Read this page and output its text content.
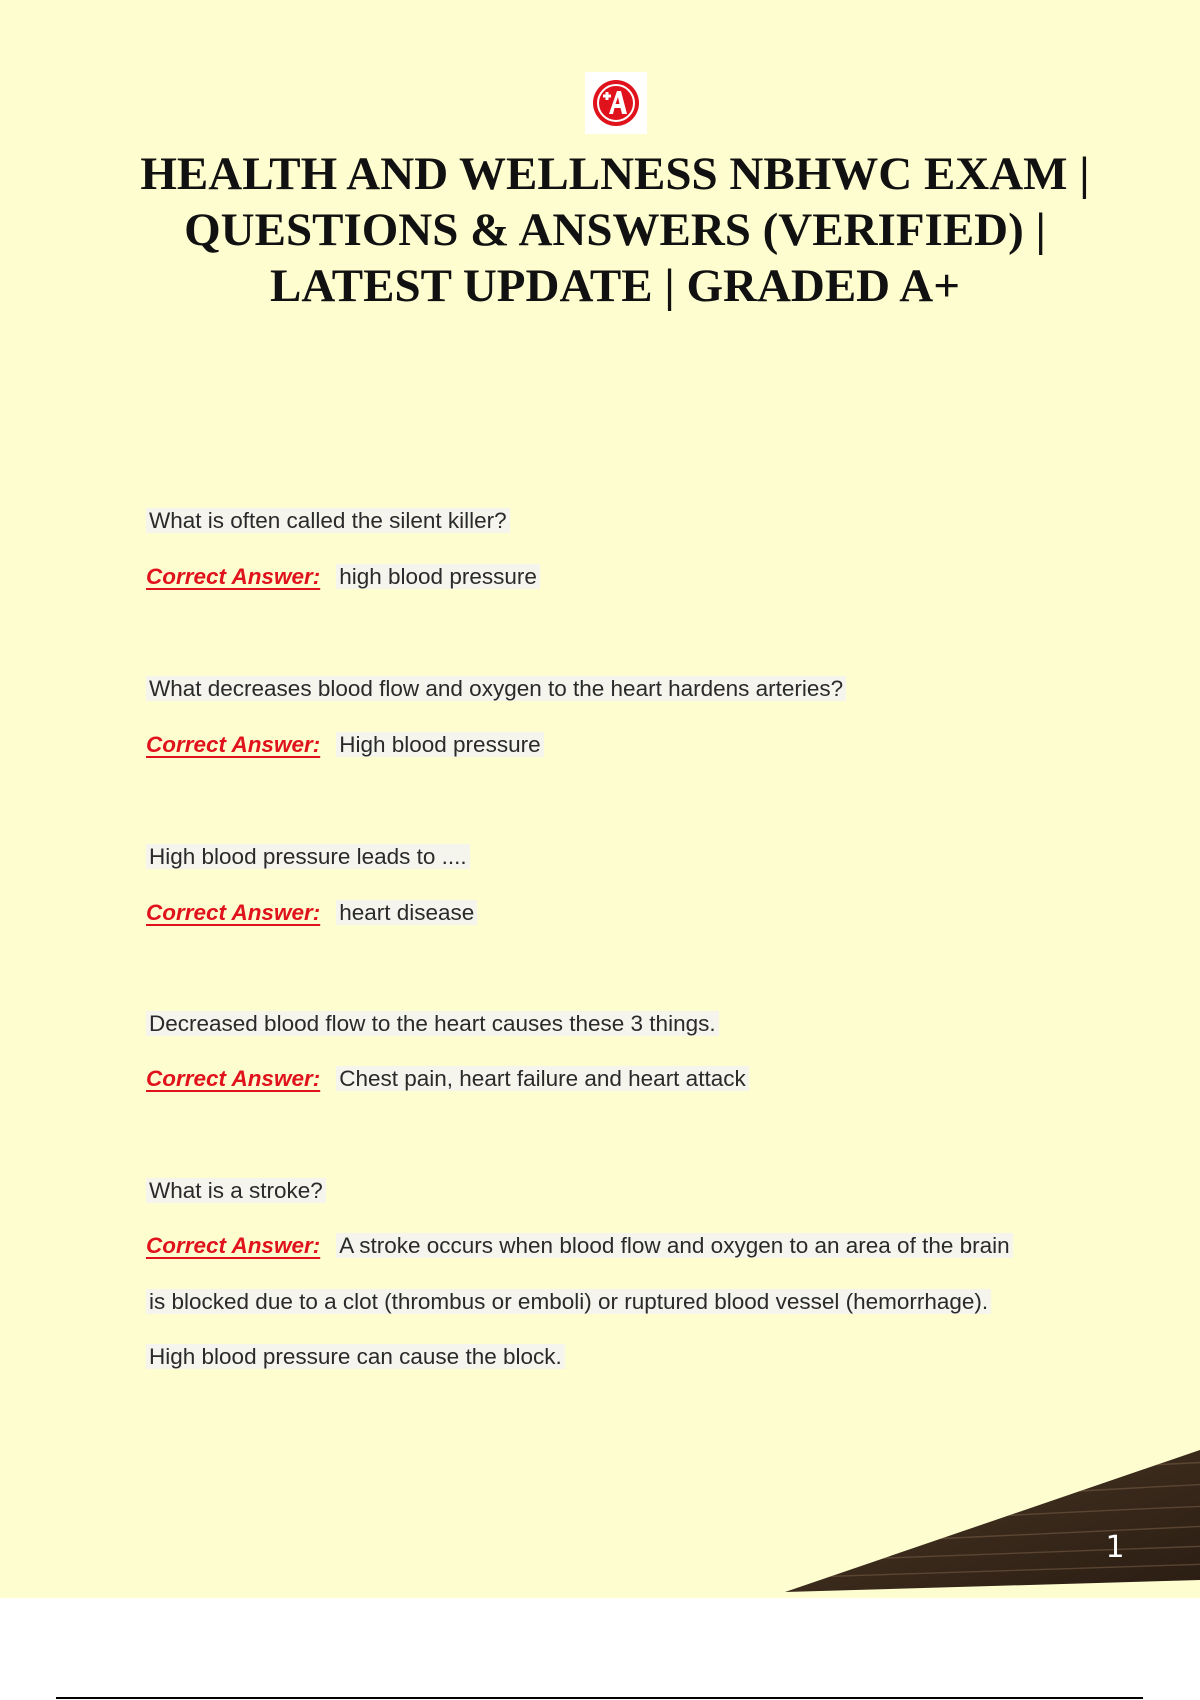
HEALTH AND WELLNESS NBHWC EXAM | QUESTIONS & ANSWERS (VERIFIED) | LATEST UPDATE | GRADED A+
What is often called the silent killer?
Correct Answer: high blood pressure
What decreases blood flow and oxygen to the heart hardens arteries?
Correct Answer: High blood pressure
High blood pressure leads to ....
Correct Answer: heart disease
Decreased blood flow to the heart causes these 3 things.
Correct Answer: Chest pain, heart failure and heart attack
What is a stroke?
Correct Answer: A stroke occurs when blood flow and oxygen to an area of the brain
is blocked due to a clot (thrombus or emboli) or ruptured blood vessel (hemorrhage).
High blood pressure can cause the block.
1
